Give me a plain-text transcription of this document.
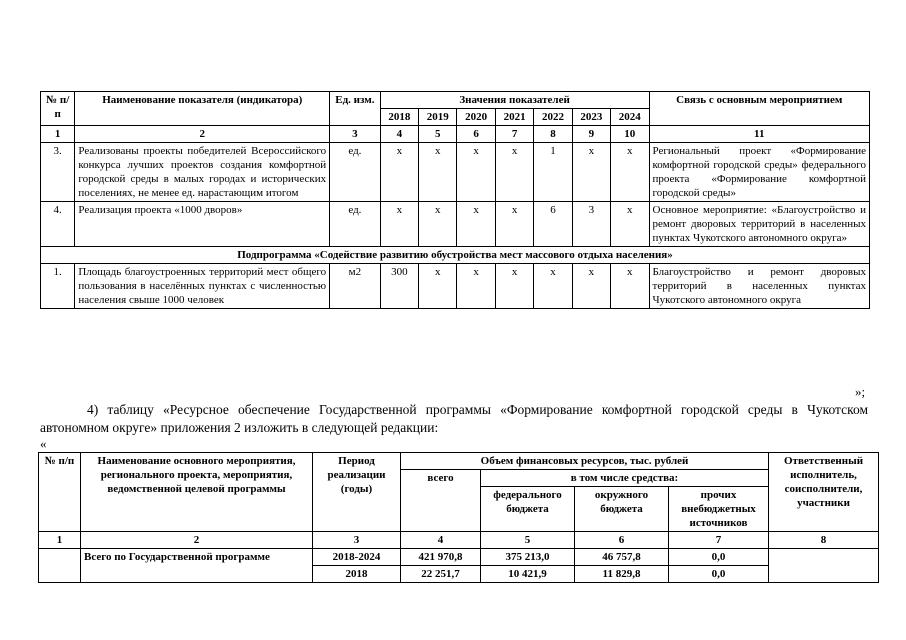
№ п/п	Наименование показателя (индикатора)	Ед. изм.	Значения показателей							Связь с основным мероприятием
			2018	2019	2020	2021	2022	2023	2024	
1	2	3	4	5	6	7	8	9	10	11
3.	Реализованы проекты победителей Всероссийского конкурса лучших проектов создания комфортной городской среды в малых городах и исторических поселениях, не менее ед. нарастающим итогом	ед.	x	x	x	x	1	x	x	Региональный проект «Формирование комфортной городской среды» федерального проекта «Формирование комфортной городской среды»
4.	Реализация проекта «1000 дворов»	ед.	x	x	x	x	6	3	x	Основное мероприятие: «Благоустройство и ремонт дворовых территорий в населенных пунктах Чукотского автономного округа»
Подпрограмма «Содействие развитию обустройства мест массового отдыха населения»										
1.	Площадь благоустроенных территорий мест общего пользования в населённых пунктах с численностью населения свыше 1000 человек	м2	300	x	x	x	x	x	x	Благоустройство и ремонт дворовых территорий в населенных пунктах Чукотского автономного округа
»;
4) таблицу «Ресурсное обеспечение Государственной программы «Формирование комфортной городской среды в Чукотском автономном округе» приложения 2 изложить в следующей редакции:
«
№ п/п	Наименование основного мероприятия, регионального проекта, мероприятия, ведомственной целевой программы	Период реализации (годы)	Объем финансовых ресурсов, тыс. рублей				Ответственный исполнитель, соисполнители, участники
			всего	в том числе средства:			
				федерального бюджета	окружного бюджета	прочих внебюджетных источников	
1	2	3	4	5	6	7	8
	Всего по Государственной программе	2018-2024	421 970,8	375 213,0	46 757,8	0,0	
		2018	22 251,7	10 421,9	11 829,8	0,0	
